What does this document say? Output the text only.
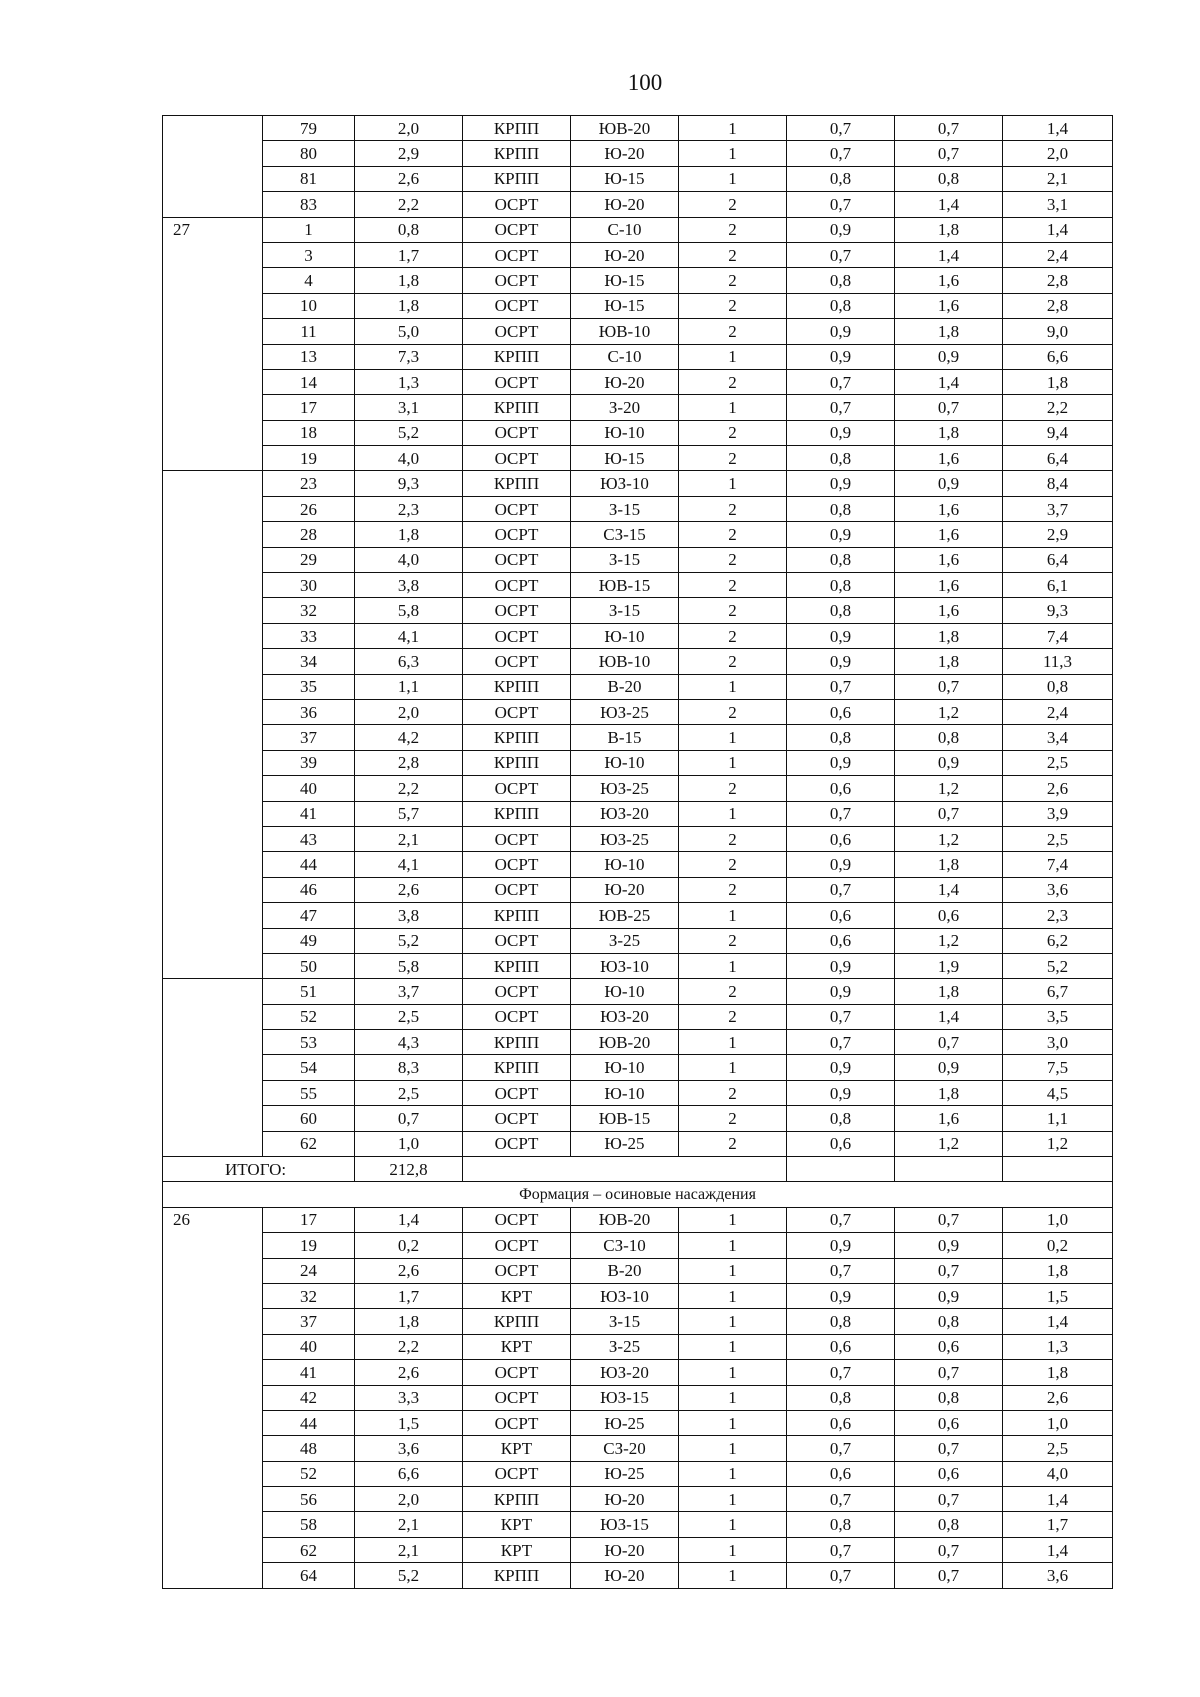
100
	79	2,0	КРПП	ЮВ-20	1	0,7	0,7	1,4
	80	2,9	КРПП	Ю-20	1	0,7	0,7	2,0
	81	2,6	КРПП	Ю-15	1	0,8	0,8	2,1
	83	2,2	ОСРТ	Ю-20	2	0,7	1,4	3,1
27	1	0,8	ОСРТ	С-10	2	0,9	1,8	1,4
	3	1,7	ОСРТ	Ю-20	2	0,7	1,4	2,4
	4	1,8	ОСРТ	Ю-15	2	0,8	1,6	2,8
	10	1,8	ОСРТ	Ю-15	2	0,8	1,6	2,8
	11	5,0	ОСРТ	ЮВ-10	2	0,9	1,8	9,0
	13	7,3	КРПП	С-10	1	0,9	0,9	6,6
	14	1,3	ОСРТ	Ю-20	2	0,7	1,4	1,8
	17	3,1	КРПП	З-20	1	0,7	0,7	2,2
	18	5,2	ОСРТ	Ю-10	2	0,9	1,8	9,4
	19	4,0	ОСРТ	Ю-15	2	0,8	1,6	6,4
	23	9,3	КРПП	ЮЗ-10	1	0,9	0,9	8,4
	26	2,3	ОСРТ	З-15	2	0,8	1,6	3,7
	28	1,8	ОСРТ	СЗ-15	2	0,9	1,6	2,9
	29	4,0	ОСРТ	З-15	2	0,8	1,6	6,4
	30	3,8	ОСРТ	ЮВ-15	2	0,8	1,6	6,1
	32	5,8	ОСРТ	З-15	2	0,8	1,6	9,3
	33	4,1	ОСРТ	Ю-10	2	0,9	1,8	7,4
	34	6,3	ОСРТ	ЮВ-10	2	0,9	1,8	11,3
	35	1,1	КРПП	В-20	1	0,7	0,7	0,8
	36	2,0	ОСРТ	ЮЗ-25	2	0,6	1,2	2,4
	37	4,2	КРПП	В-15	1	0,8	0,8	3,4
	39	2,8	КРПП	Ю-10	1	0,9	0,9	2,5
	40	2,2	ОСРТ	ЮЗ-25	2	0,6	1,2	2,6
	41	5,7	КРПП	ЮЗ-20	1	0,7	0,7	3,9
	43	2,1	ОСРТ	ЮЗ-25	2	0,6	1,2	2,5
	44	4,1	ОСРТ	Ю-10	2	0,9	1,8	7,4
	46	2,6	ОСРТ	Ю-20	2	0,7	1,4	3,6
	47	3,8	КРПП	ЮВ-25	1	0,6	0,6	2,3
	49	5,2	ОСРТ	З-25	2	0,6	1,2	6,2
	50	5,8	КРПП	ЮЗ-10	1	0,9	1,9	5,2
	51	3,7	ОСРТ	Ю-10	2	0,9	1,8	6,7
	52	2,5	ОСРТ	ЮЗ-20	2	0,7	1,4	3,5
	53	4,3	КРПП	ЮВ-20	1	0,7	0,7	3,0
	54	8,3	КРПП	Ю-10	1	0,9	0,9	7,5
	55	2,5	ОСРТ	Ю-10	2	0,9	1,8	4,5
	60	0,7	ОСРТ	ЮВ-15	2	0,8	1,6	1,1
	62	1,0	ОСРТ	Ю-25	2	0,6	1,2	1,2
ИТОГО:		212,8						
Формация – осиновые насаждения								
26	17	1,4	ОСРТ	ЮВ-20	1	0,7	0,7	1,0
	19	0,2	ОСРТ	СЗ-10	1	0,9	0,9	0,2
	24	2,6	ОСРТ	В-20	1	0,7	0,7	1,8
	32	1,7	КРТ	ЮЗ-10	1	0,9	0,9	1,5
	37	1,8	КРПП	З-15	1	0,8	0,8	1,4
	40	2,2	КРТ	З-25	1	0,6	0,6	1,3
	41	2,6	ОСРТ	ЮЗ-20	1	0,7	0,7	1,8
	42	3,3	ОСРТ	ЮЗ-15	1	0,8	0,8	2,6
	44	1,5	ОСРТ	Ю-25	1	0,6	0,6	1,0
	48	3,6	КРТ	СЗ-20	1	0,7	0,7	2,5
	52	6,6	ОСРТ	Ю-25	1	0,6	0,6	4,0
	56	2,0	КРПП	Ю-20	1	0,7	0,7	1,4
	58	2,1	КРТ	ЮЗ-15	1	0,8	0,8	1,7
	62	2,1	КРТ	Ю-20	1	0,7	0,7	1,4
	64	5,2	КРПП	Ю-20	1	0,7	0,7	3,6
